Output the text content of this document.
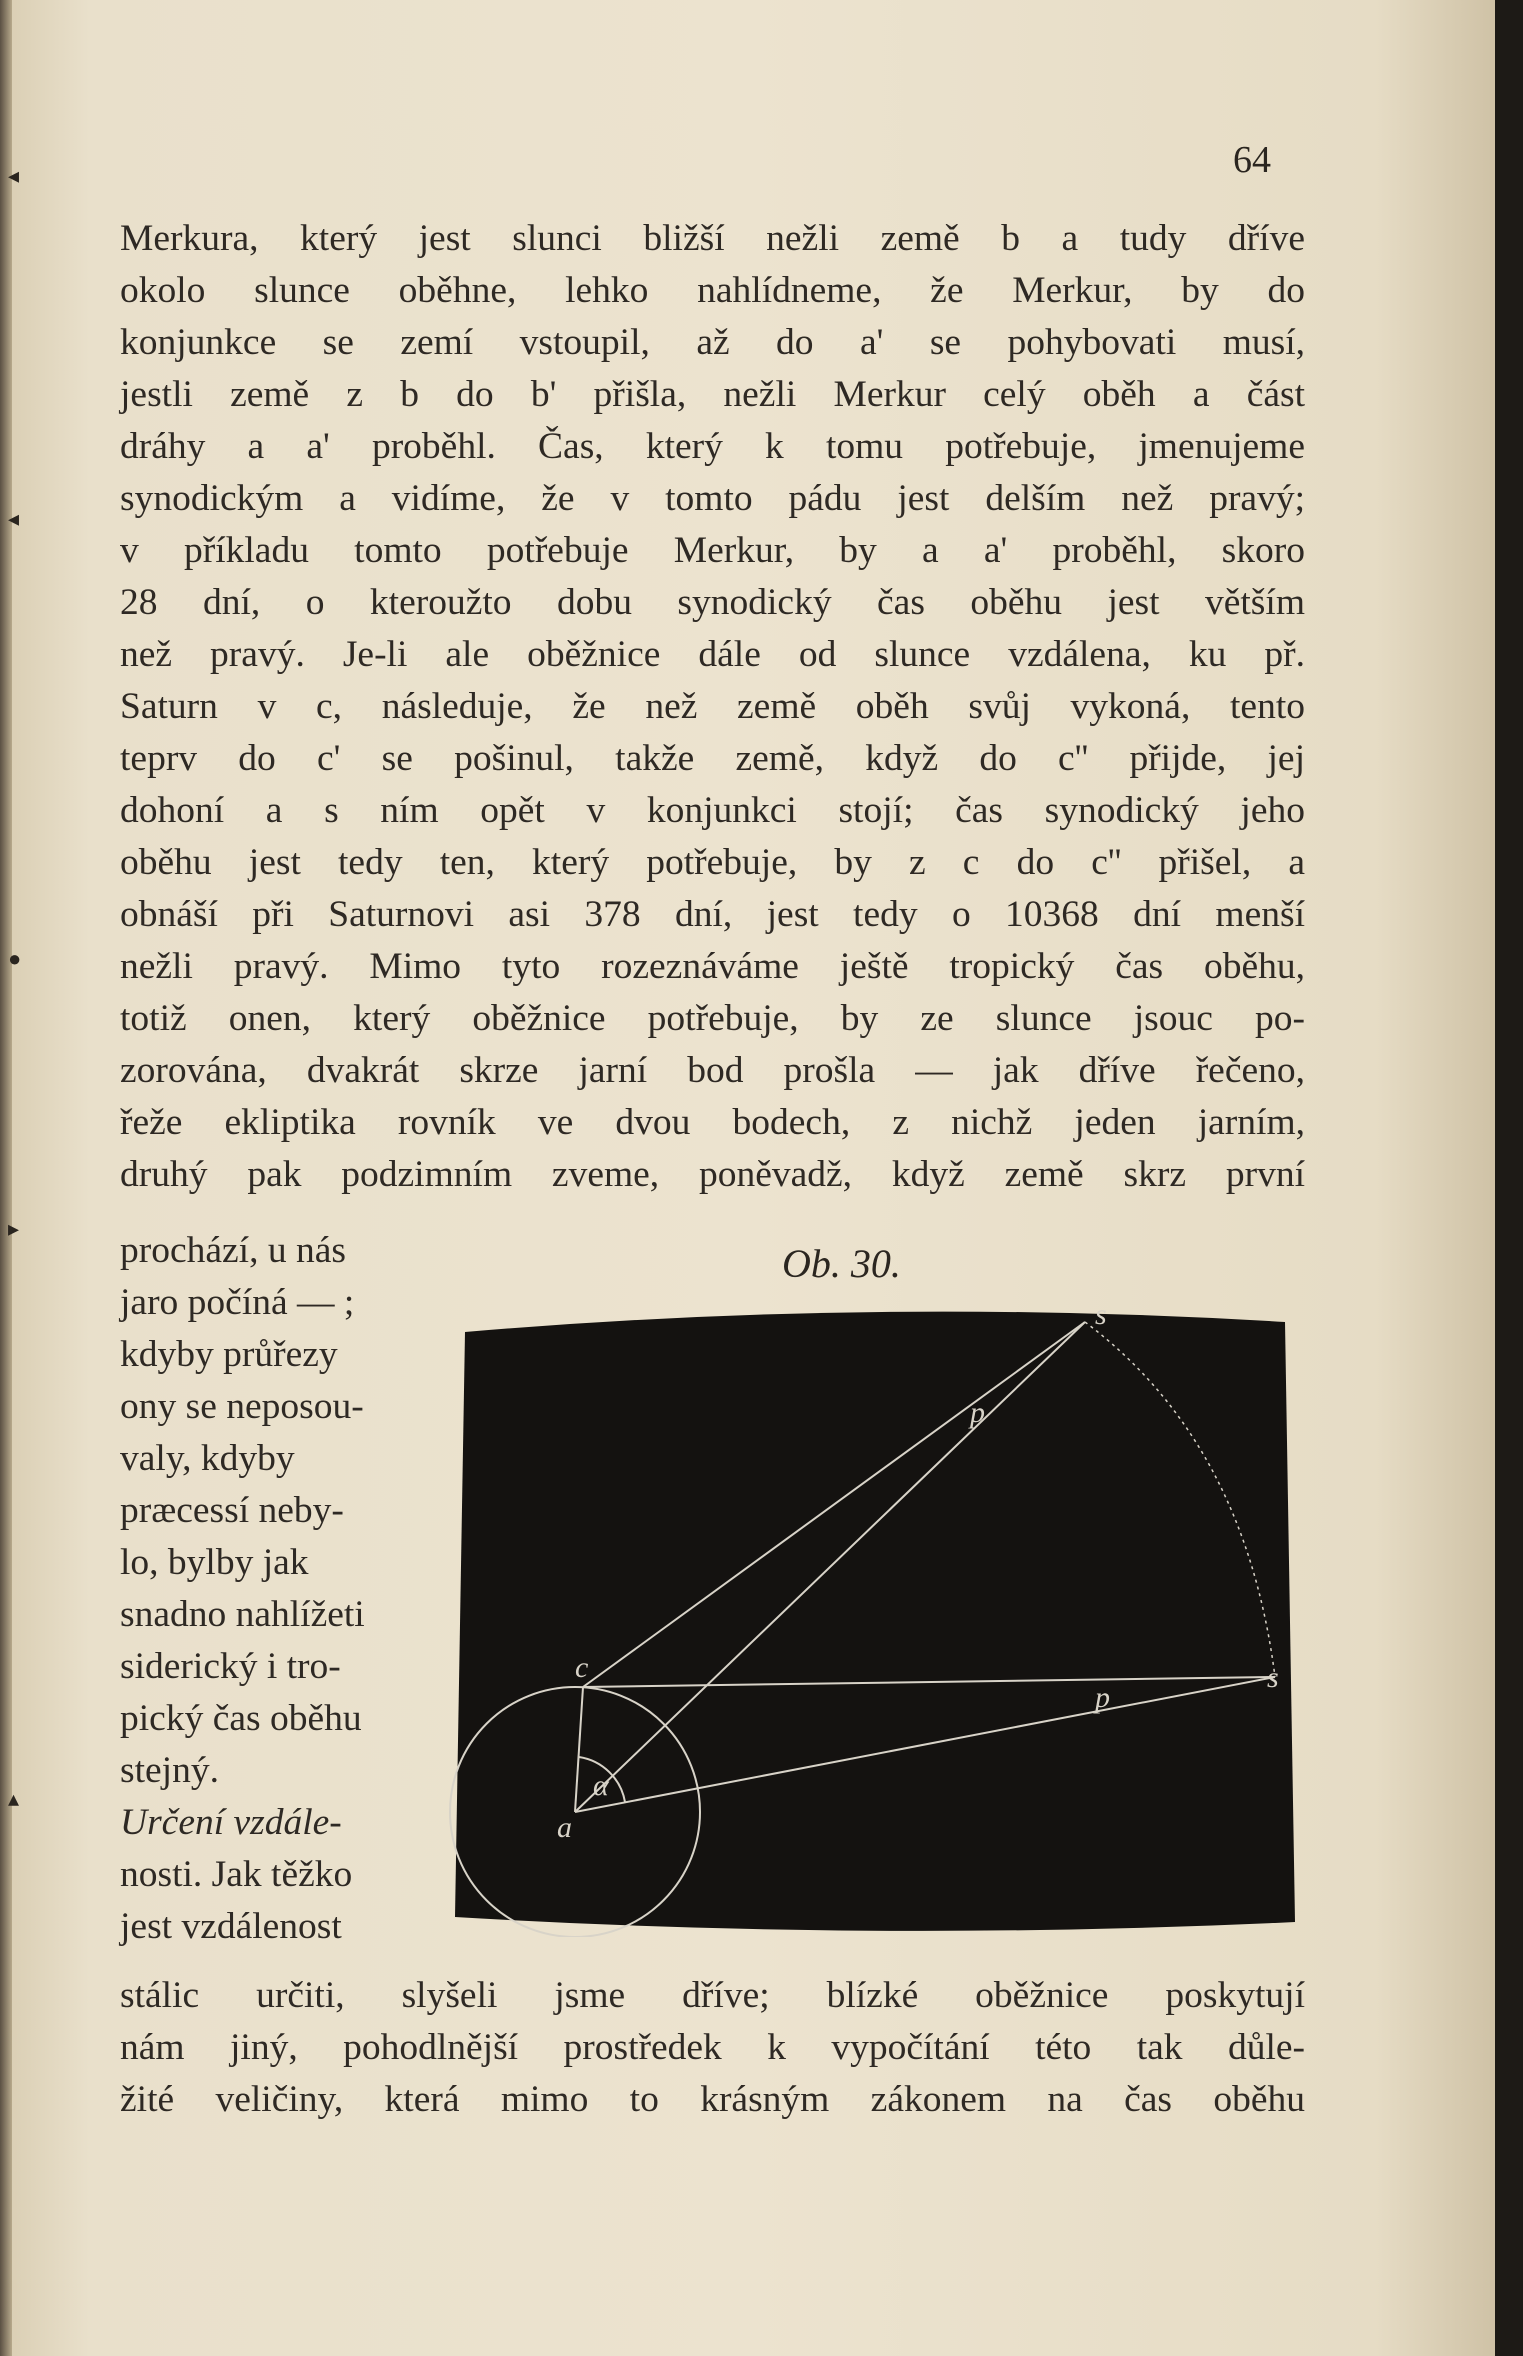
◂
◂
●
▸
▴
64
Merkura, který jest slunci bližší nežli země b a tudy dříve
okolo slunce oběhne, lehko nahlídneme, že Merkur, by do
konjunkce se zemí vstoupil, až do a' se pohybovati musí,
jestli země z b do b' přišla, nežli Merkur celý oběh a část
dráhy a a' proběhl. Čas, který k tomu potřebuje, jmenujeme
synodickým a vidíme, že v tomto pádu jest delším než pravý;
v příkladu tomto potřebuje Merkur, by a a' proběhl, skoro
28 dní, o kteroužto dobu synodický čas oběhu jest větším
než pravý. Je-li ale oběžnice dále od slunce vzdálena, ku př.
Saturn v c, následuje, že než země oběh svůj vykoná, tento
teprv do c' se pošinul, takže země, když do c'' přijde, jej
dohoní a s ním opět v konjunkci stojí; čas synodický jeho
oběhu jest tedy ten, který potřebuje, by z c do c'' přišel, a
obnáší při Saturnovi asi 378 dní, jest tedy o 10368 dní menší
nežli pravý. Mimo tyto rozeznáváme ještě tropický čas oběhu,
totiž onen, který oběžnice potřebuje, by ze slunce jsouc po-
zorována, dvakrát skrze jarní bod prošla — jak dříve řečeno,
řeže ekliptika rovník ve dvou bodech, z nichž jeden jarním,
druhý pak podzimním zveme, poněvadž, když země skrz první
Ob. 30.
prochází, u nás
jaro počíná — ;
kdyby průřezy
ony se neposou-
valy, kdyby
præcessí neby-
lo, bylby jak
snadno nahlížeti
siderický i tro-
pický čas oběhu
stejný.
Určení vzdále-
nosti. Jak těžko
jest vzdálenost
s
p
c	s
p
α
a
stálic určiti, slyšeli jsme dříve; blízké oběžnice poskytují
nám jiný, pohodlnější prostředek k vypočítání této tak důle-
žité veličiny, která mimo to krásným zákonem na čas oběhu
